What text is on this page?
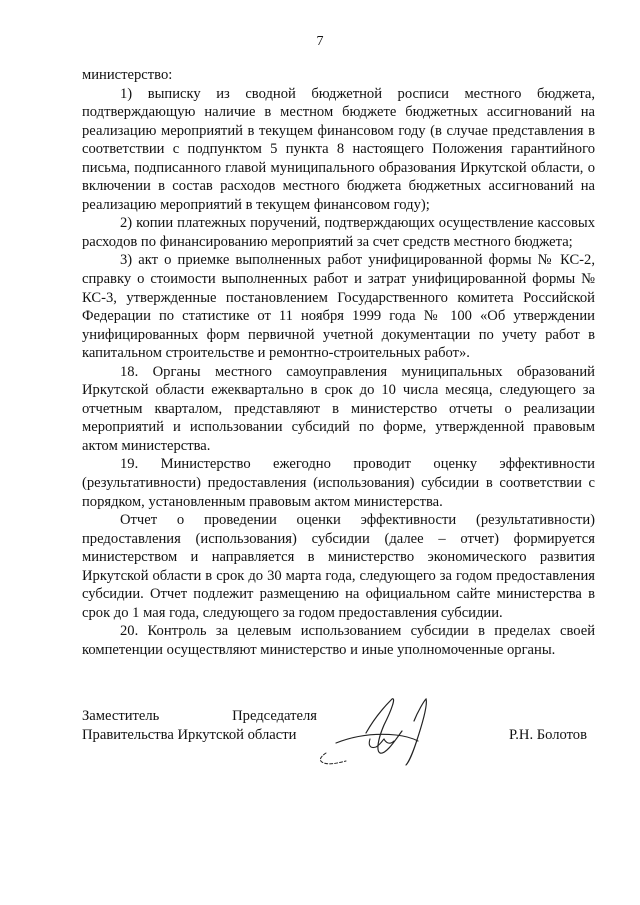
7

министерство:

1) выписку из сводной бюджетной росписи местного бюджета, подтверждающую наличие в местном бюджете бюджетных ассигнований на реализацию мероприятий в текущем финансовом году (в случае представления в соответствии с подпунктом 5 пункта 8 настоящего Положения гарантийного письма, подписанного главой муниципального образования Иркутской области, о включении в состав расходов местного бюджета бюджетных ассигнований на реализацию мероприятий в текущем финансовом году);

2) копии платежных поручений, подтверждающих осуществление кассовых расходов по финансированию мероприятий за счет средств местного бюджета;

3) акт о приемке выполненных работ унифицированной формы № КС-2, справку о стоимости выполненных работ и затрат унифицированной формы № КС-3, утвержденные постановлением Государственного комитета Российской Федерации по статистике от 11 ноября 1999 года № 100 «Об утверждении унифицированных форм первичной учетной документации по учету работ в капитальном строительстве и ремонтно-строительных работ».

18. Органы местного самоуправления муниципальных образований Иркутской области ежеквартально в срок до 10 числа месяца, следующего за отчетным кварталом, представляют в министерство отчеты о реализации мероприятий и использовании субсидий по форме, утвержденной правовым актом министерства.

19. Министерство ежегодно проводит оценку эффективности (результативности) предоставления (использования) субсидии в соответствии с порядком, установленным правовым актом министерства.

Отчет о проведении оценки эффективности (результативности) предоставления (использования) субсидии (далее – отчет) формируется министерством и направляется в министерство экономического развития Иркутской области в срок до 30 марта года, следующего за годом предоставления субсидии. Отчет подлежит размещению на официальном сайте министерства в срок до 1 мая года, следующего за годом предоставления субсидии.

20. Контроль за целевым использованием субсидии в пределах своей компетенции осуществляют министерство и иные уполномоченные органы.

Заместитель	Председателя
Правительства Иркутской области	Р.Н. Болотов
